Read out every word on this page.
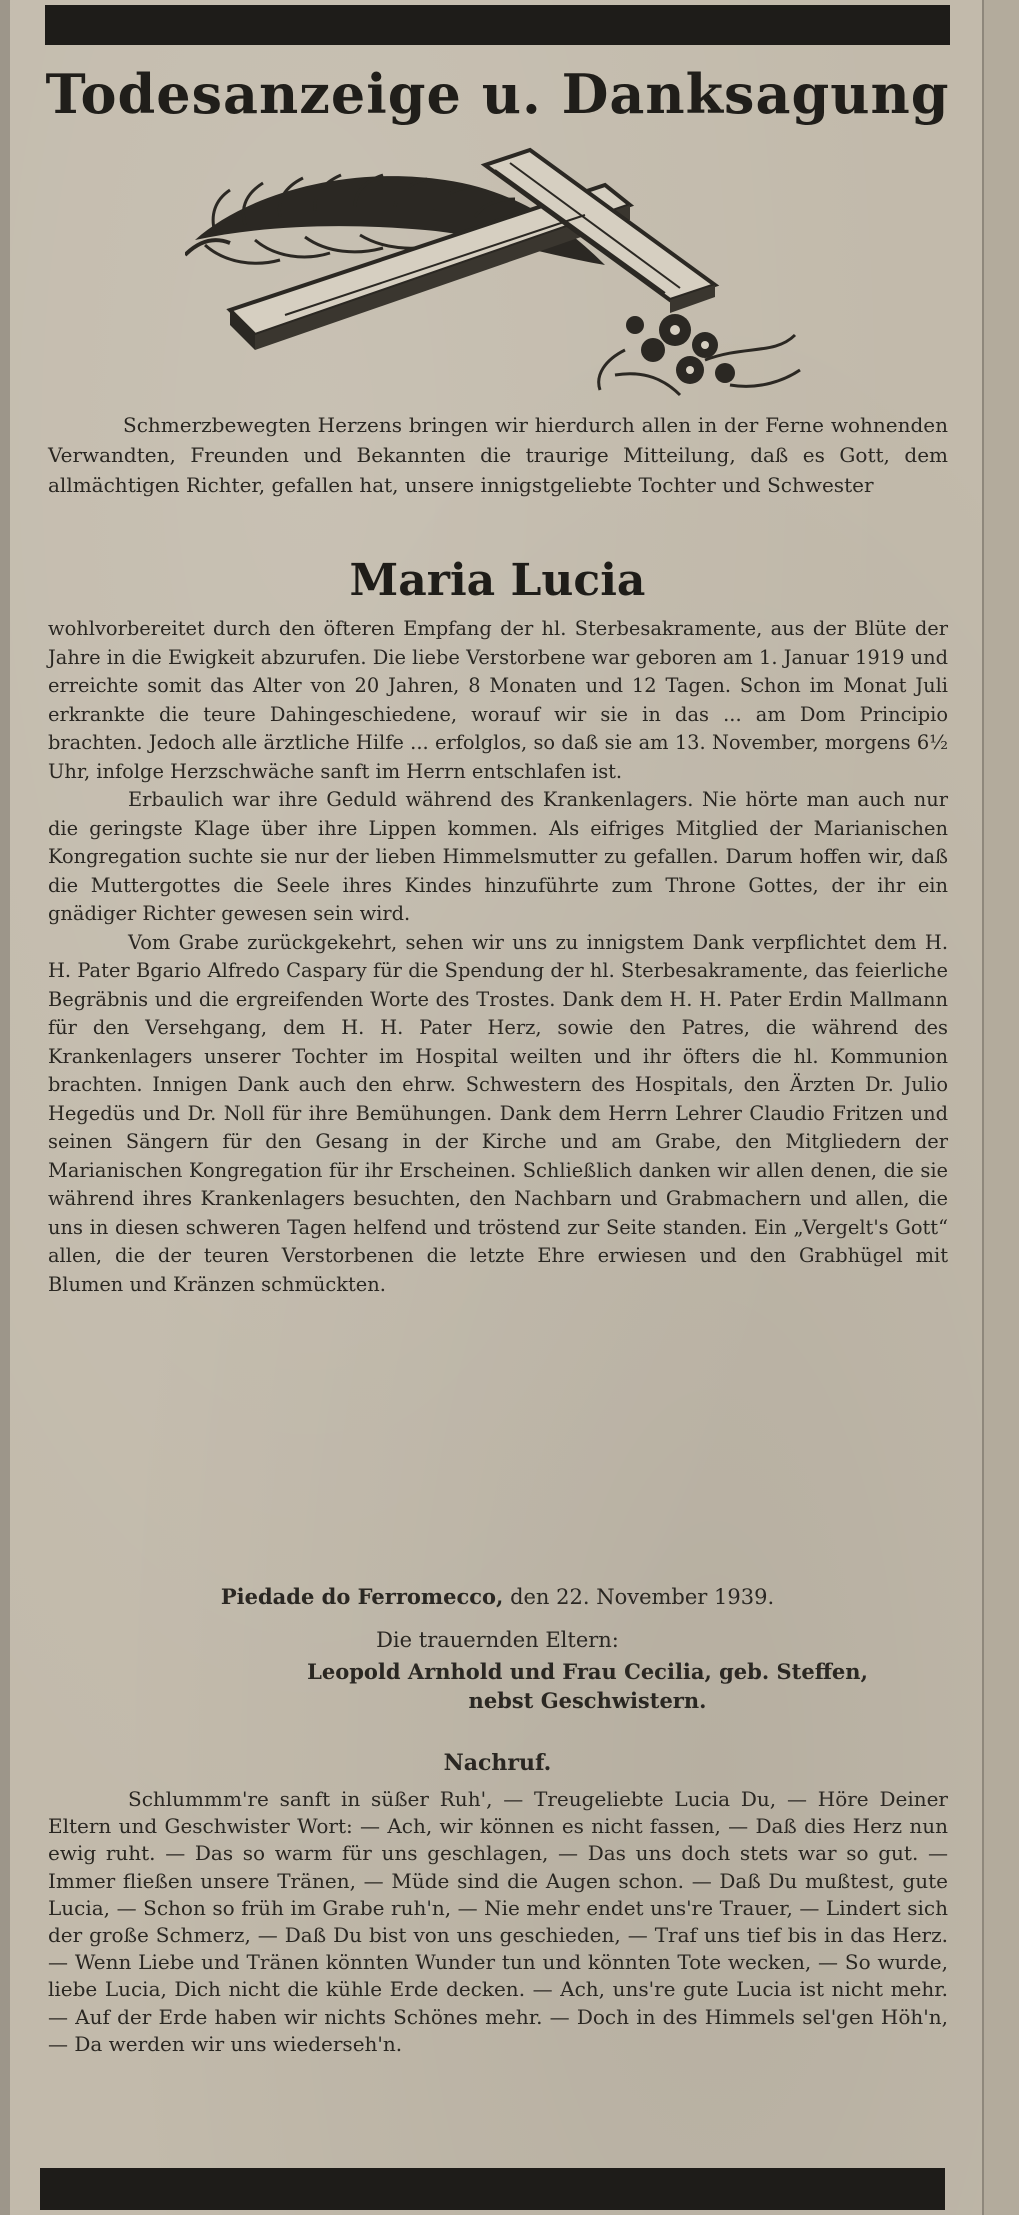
Todesanzeige u. Danksagung
Schmerzbewegten Herzens bringen wir hierdurch allen in der Ferne wohnenden Verwandten, Freunden und Bekannten die traurige Mitteilung, daß es Gott, dem allmächtigen Richter, gefallen hat, unsere innigstgeliebte Tochter und Schwester
Maria Lucia

wohlvorbereitet durch den öfteren Empfang der hl. Sterbesakramente, aus der Blüte der Jahre in die Ewigkeit abzurufen. Die liebe Verstorbene war geboren am 1. Januar 1919 und erreichte somit das Alter von 20 Jahren, 8 Monaten und 12 Tagen. Schon im Monat Juli erkrankte die teure Dahingeschiedene, worauf wir sie in das ... am Dom Principio brachten. Jedoch alle ärztliche Hilfe ... erfolglos, so daß sie am 13. November, morgens 6½ Uhr, infolge Herzschwäche sanft im Herrn entschlafen ist.

Erbaulich war ihre Geduld während des Krankenlagers. Nie hörte man auch nur die geringste Klage über ihre Lippen kommen. Als eifriges Mitglied der Marianischen Kongregation suchte sie nur der lieben Himmelsmutter zu gefallen. Darum hoffen wir, daß die Muttergottes die Seele ihres Kindes hinzuführte zum Throne Gottes, der ihr ein gnädiger Richter gewesen sein wird.

Vom Grabe zurückgekehrt, sehen wir uns zu innigstem Dank verpflichtet dem H. H. Pater Bgario Alfredo Caspary für die Spendung der hl. Sterbesakramente, das feierliche Begräbnis und die ergreifenden Worte des Trostes. Dank dem H. H. Pater Erdin Mallmann für den Versehgang, dem H. H. Pater Herz, sowie den Patres, die während des Krankenlagers unserer Tochter im Hospital weilten und ihr öfters die hl. Kommunion brachten. Innigen Dank auch den ehrw. Schwestern des Hospitals, den Ärzten Dr. Julio Hegedüs und Dr. Noll für ihre Bemühungen. Dank dem Herrn Lehrer Claudio Fritzen und seinen Sängern für den Gesang in der Kirche und am Grabe, den Mitgliedern der Marianischen Kongregation für ihr Erscheinen. Schließlich danken wir allen denen, die sie während ihres Krankenlagers besuchten, den Nachbarn und Grabmachern und allen, die uns in diesen schweren Tagen helfend und tröstend zur Seite standen. Ein „Vergelt's Gott“ allen, die der teuren Verstorbenen die letzte Ehre erwiesen und den Grabhügel mit Blumen und Kränzen schmückten.

Piedade do Ferromecco, den 22. November 1939.
Die trauernden Eltern:
Leopold Arnhold und Frau Cecilia, geb. Steffen,
nebst Geschwistern.
Nachruf.
Schlummm're sanft in süßer Ruh', — Treugeliebte Lucia Du, — Höre Deiner Eltern und Geschwister Wort: — Ach, wir können es nicht fassen, — Daß dies Herz nun ewig ruht. — Das so warm für uns geschlagen, — Das uns doch stets war so gut. — Immer fließen unsere Tränen, — Müde sind die Augen schon. — Daß Du mußtest, gute Lucia, — Schon so früh im Grabe ruh'n, — Nie mehr endet uns're Trauer, — Lindert sich der große Schmerz, — Daß Du bist von uns geschieden, — Traf uns tief bis in das Herz. — Wenn Liebe und Tränen könnten Wunder tun und könnten Tote wecken, — So wurde, liebe Lucia, Dich nicht die kühle Erde decken. — Ach, uns're gute Lucia ist nicht mehr. — Auf der Erde haben wir nichts Schönes mehr. — Doch in des Himmels sel'gen Höh'n, — Da werden wir uns wiederseh'n.
